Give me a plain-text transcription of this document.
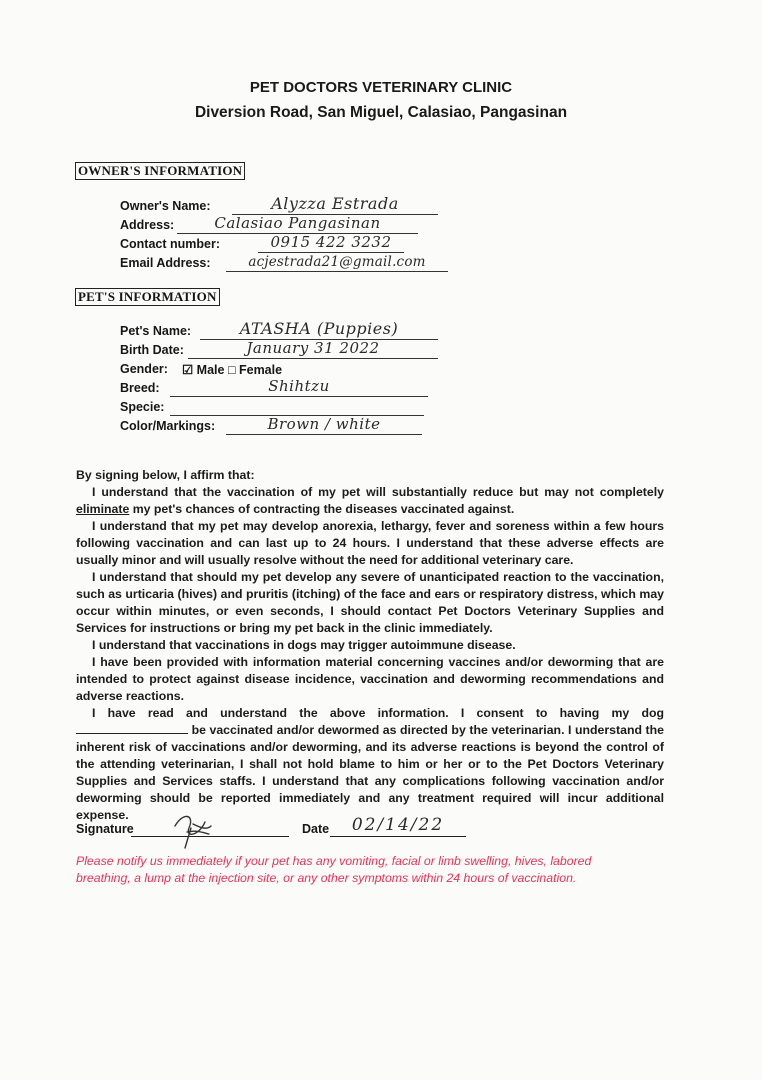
PET DOCTORS VETERINARY CLINIC
Diversion Road, San Miguel, Calasiao, Pangasinan
OWNER'S INFORMATION
Owner's Name:	Alyzza Estrada
Address:	Calasiao Pangasinan
Contact number:	0915 422 3232
Email Address:	acjestrada21@gmail.com
PET'S INFORMATION
Pet's Name:	ATASHA (Puppies)
Birth Date:	January 31 2022
Gender: ☑ Male □ Female
Breed:	Shihtzu
Specie:
Color/Markings:	Brown / white

By signing below, I affirm that:

I understand that the vaccination of my pet will substantially reduce but may not completely eliminate my pet's chances of contracting the diseases vaccinated against.

I understand that my pet may develop anorexia, lethargy, fever and soreness within a few hours following vaccination and can last up to 24 hours. I understand that these adverse effects are usually minor and will usually resolve without the need for additional veterinary care.

I understand that should my pet develop any severe of unanticipated reaction to the vaccination, such as urticaria (hives) and pruritis (itching) of the face and ears or respiratory distress, which may occur within minutes, or even seconds, I should contact Pet Doctors Veterinary Supplies and Services for instructions or bring my pet back in the clinic immediately.

I understand that vaccinations in dogs may trigger autoimmune disease.

I have been provided with information material concerning vaccines and/or deworming that are intended to protect against disease incidence, vaccination and deworming recommendations and adverse reactions.

I have read and understand the above information. I consent to having my dog  be vaccinated and/or dewormed as directed by the veterinarian. I understand the inherent risk of vaccinations and/or deworming, and its adverse reactions is beyond the control of the attending veterinarian, I shall not hold blame to him or her or to the Pet Doctors Veterinary Supplies and Services staffs. I understand that any complications following vaccination and/or deworming should be reported immediately and any treatment required will incur additional expense.

Signature	Date	02/14/22
Please notify us immediately if your pet has any vomiting, facial or limb swelling, hives, labored breathing, a lump at the injection site, or any other symptoms within 24 hours of vaccination.
